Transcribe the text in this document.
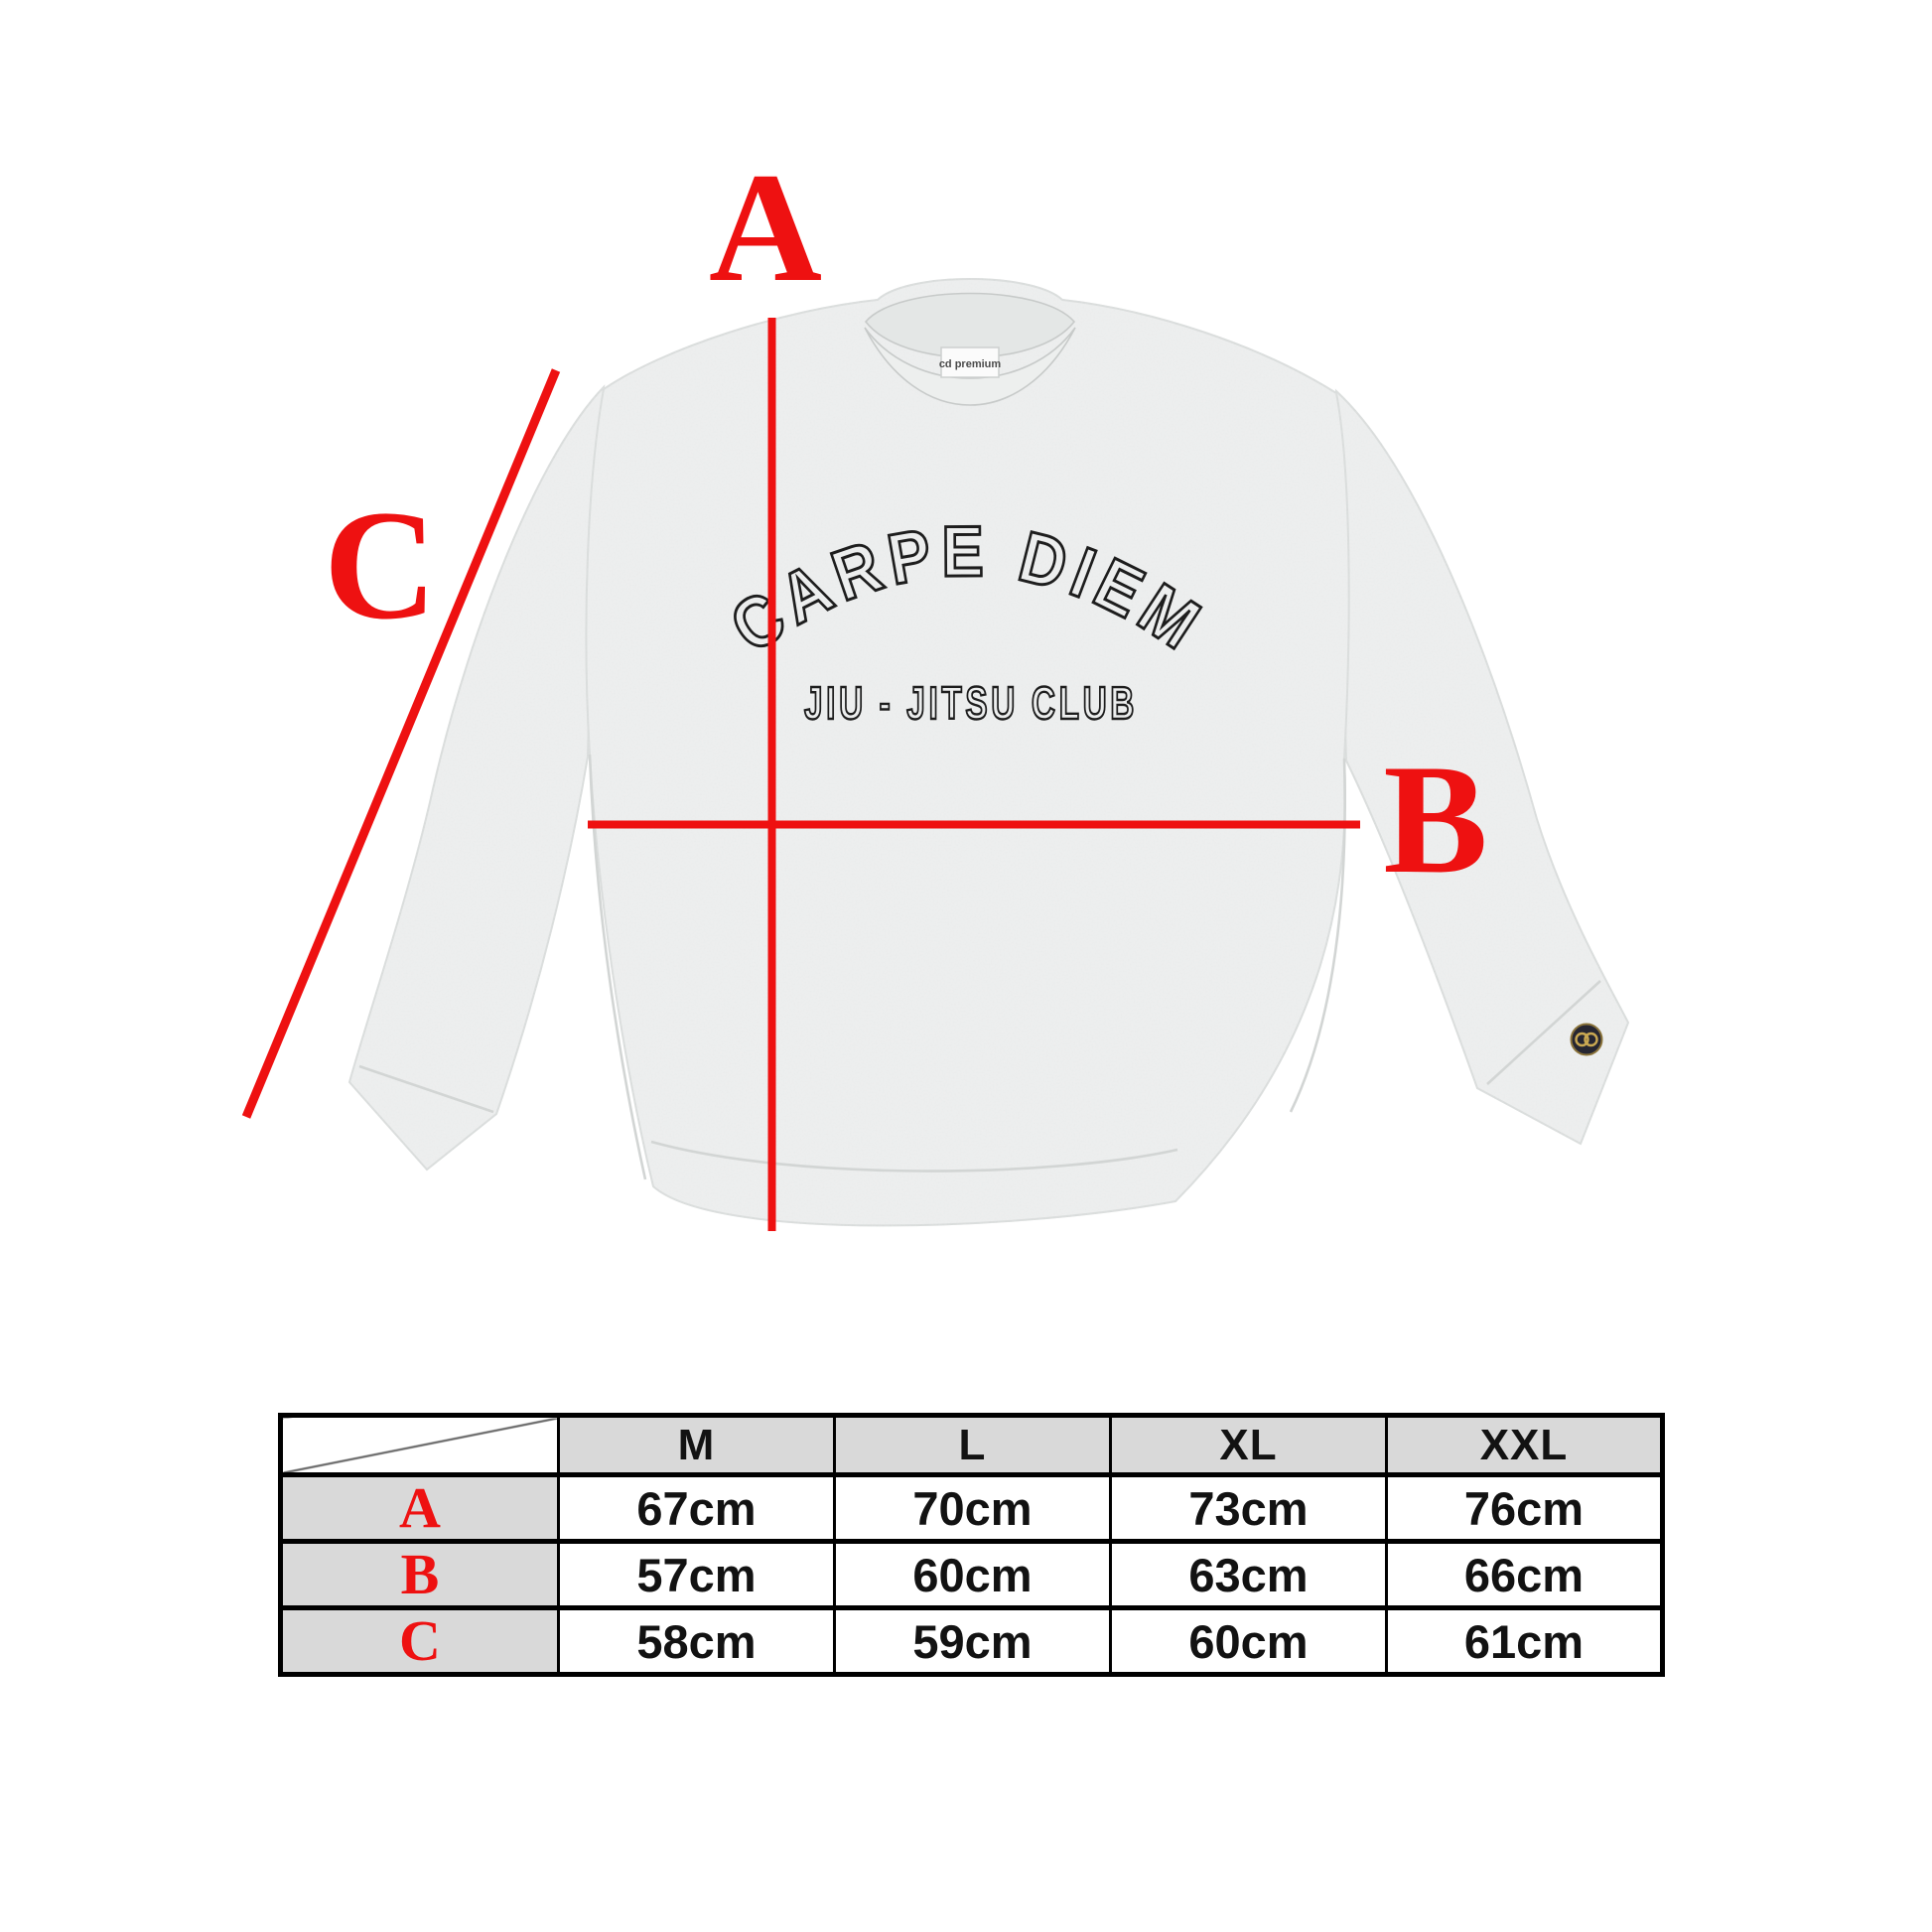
cd premium
CARPE DIEM
JIU - JITSU CLUB
A
B
C
	M	L	XL	XXL
A	67cm	70cm	73cm	76cm
B	57cm	60cm	63cm	66cm
C	58cm	59cm	60cm	61cm
